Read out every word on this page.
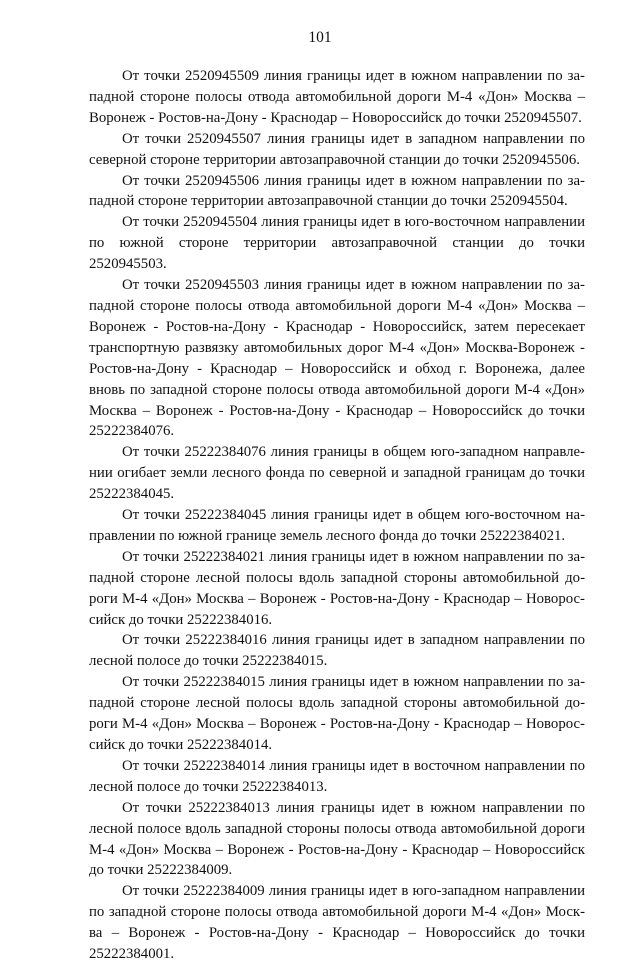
101

От точки 2520945509 линия границы идет в южном направлении по за-
падной стороне полосы отвода автомобильной дороги М-4 «Дон» Москва –
Воронеж - Ростов-на-Дону - Краснодар – Новороссийск до точки 2520945507.

От точки 2520945507 линия границы идет в западном направлении по
северной стороне территории автозаправочной станции до точки 2520945506.

От точки 2520945506 линия границы идет в южном направлении по за-
падной стороне территории автозаправочной станции до точки 2520945504.

От точки 2520945504 линия границы идет в юго-восточном направлении
по южной стороне территории автозаправочной станции до точки
2520945503.

От точки 2520945503 линия границы идет в южном направлении по за-
падной стороне полосы отвода автомобильной дороги М-4 «Дон» Москва –
Воронеж - Ростов-на-Дону - Краснодар - Новороссийск, затем пересекает
транспортную развязку автомобильных дорог М-4 «Дон» Москва-Воронеж -
Ростов-на-Дону - Краснодар – Новороссийск и обход г. Воронежа, далее
вновь по западной стороне полосы отвода автомобильной дороги М-4 «Дон»
Москва – Воронеж - Ростов-на-Дону - Краснодар – Новороссийск до точки
25222384076.

От точки 25222384076 линия границы в общем юго-западном направле-
нии огибает земли лесного фонда по северной и западной границам до точки
25222384045.

От точки 25222384045 линия границы идет в общем юго-восточном на-
правлении по южной границе земель лесного фонда до точки 25222384021.

От точки 25222384021 линия границы идет в южном направлении по за-
падной стороне лесной полосы вдоль западной стороны автомобильной до-
роги М-4 «Дон» Москва – Воронеж - Ростов-на-Дону - Краснодар – Новорос-
сийск до точки 25222384016.

От точки 25222384016 линия границы идет в западном направлении по
лесной полосе до точки 25222384015.

От точки 25222384015 линия границы идет в южном направлении по за-
падной стороне лесной полосы вдоль западной стороны автомобильной до-
роги М-4 «Дон» Москва – Воронеж - Ростов-на-Дону - Краснодар – Новорос-
сийск до точки 25222384014.

От точки 25222384014 линия границы идет в восточном направлении по
лесной полосе до точки 25222384013.

От точки 25222384013 линия границы идет в южном направлении по
лесной полосе вдоль западной стороны полосы отвода автомобильной дороги
М-4 «Дон» Москва – Воронеж - Ростов-на-Дону - Краснодар – Новороссийск
до точки 25222384009.

От точки 25222384009 линия границы идет в юго-западном направлении
по западной стороне полосы отвода автомобильной дороги М-4 «Дон» Моск-
ва – Воронеж - Ростов-на-Дону - Краснодар – Новороссийск до точки
25222384001.
